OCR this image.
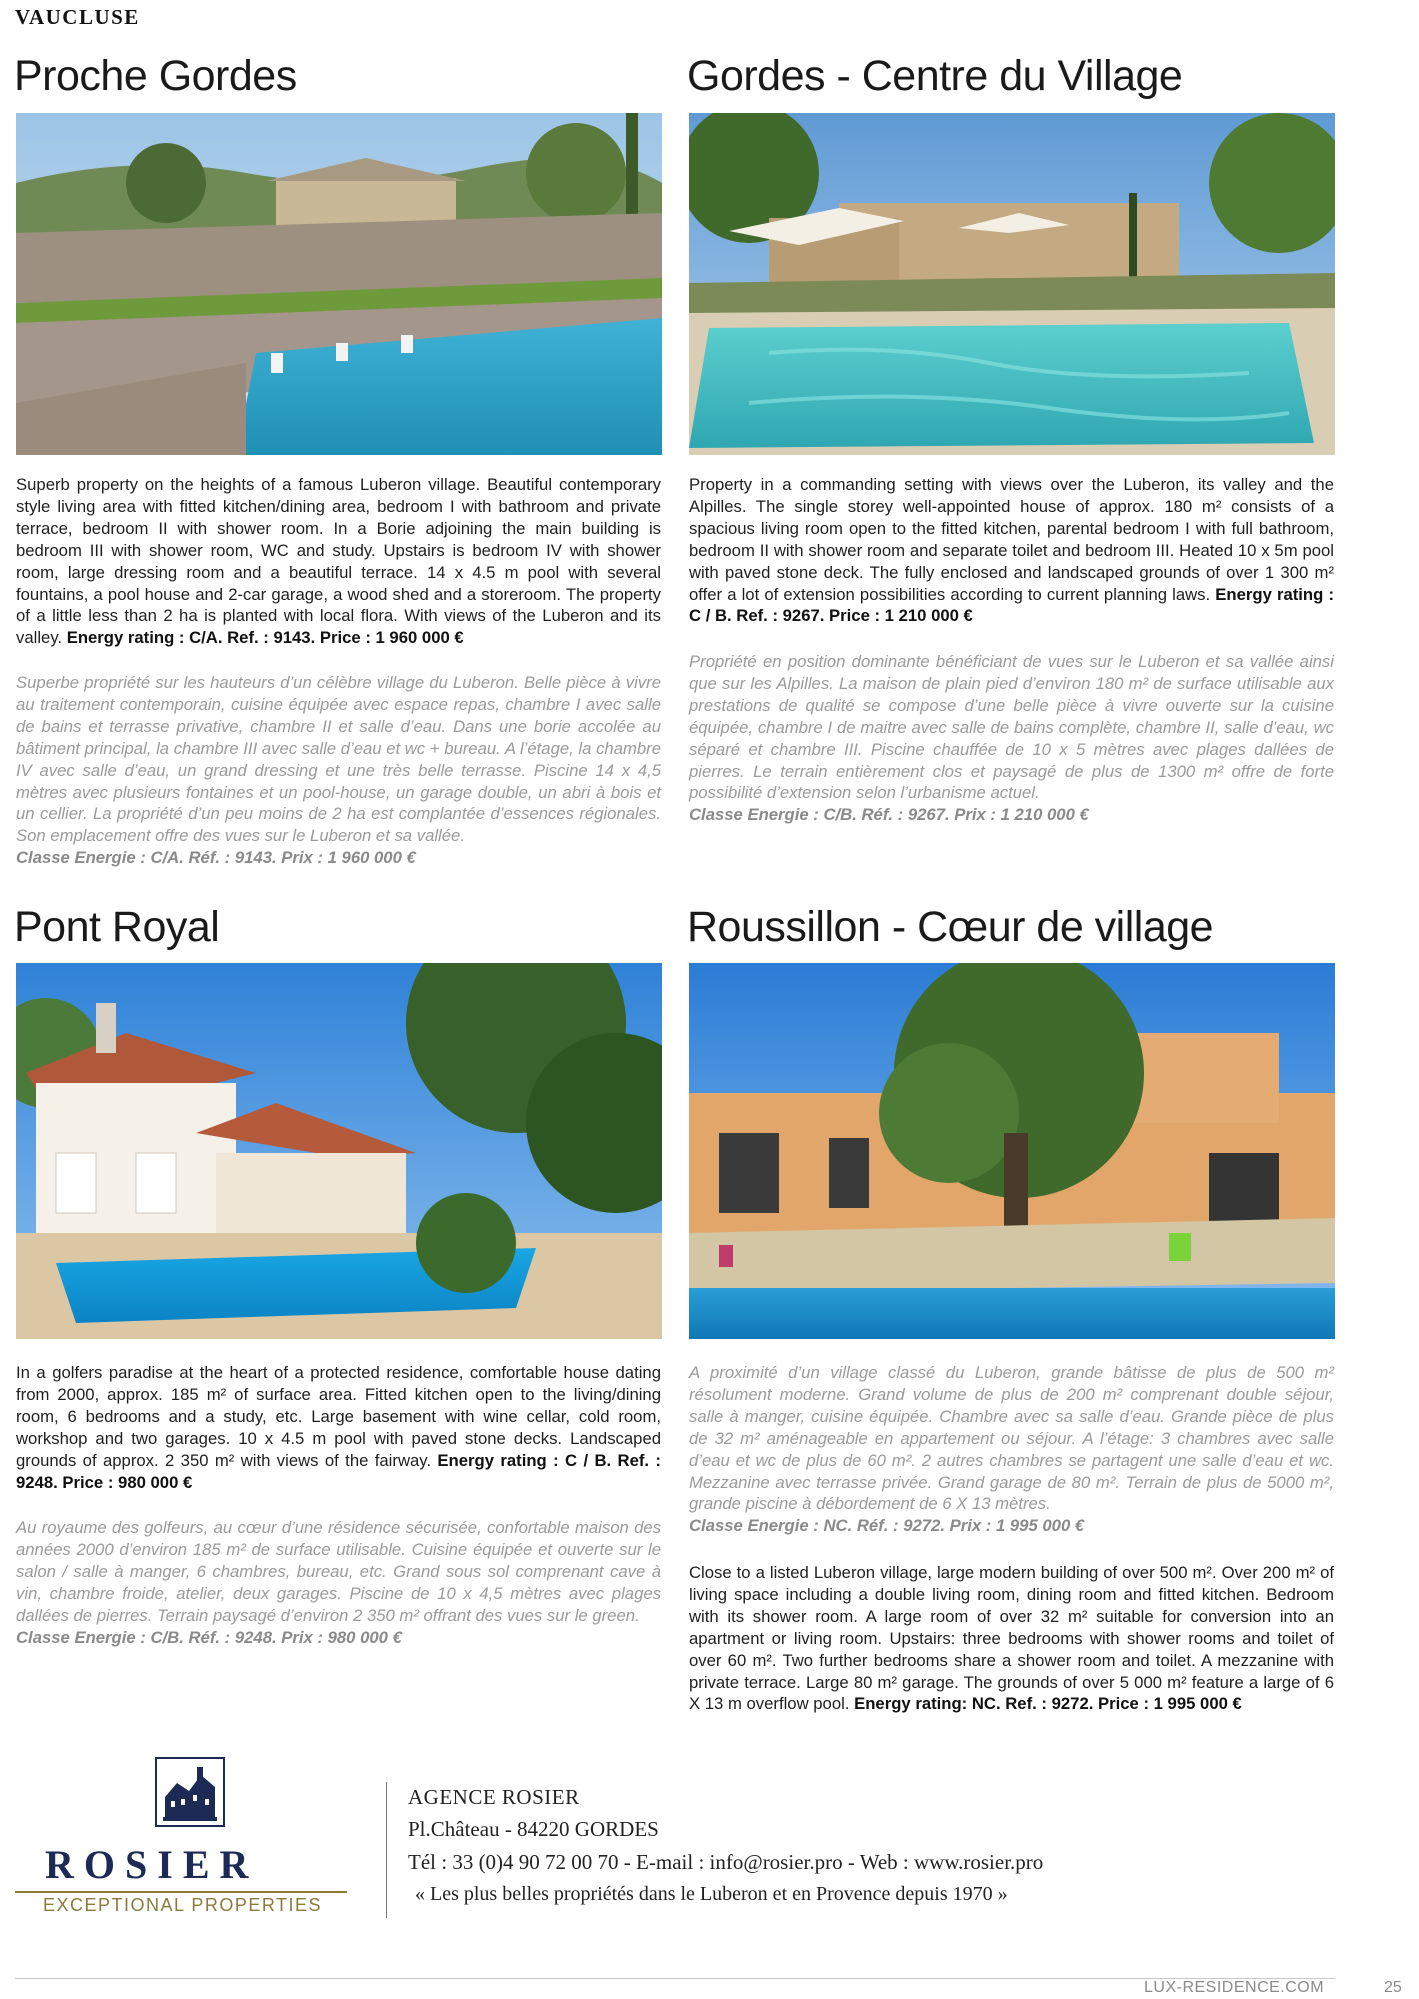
VAUCLUSE
Proche Gordes
Superb property on the heights of a famous Luberon village. Beautiful contemporary style living area with fitted kitchen/dining area, bedroom I with bathroom and private terrace, bedroom II with shower room. In a Borie adjoining the main building is bedroom III with shower room, WC and study. Upstairs is bedroom IV with shower room, large dressing room and a beautiful terrace. 14 x 4.5 m pool with several fountains, a pool house and 2-car garage, a wood shed and a storeroom. The property of a little less than 2 ha is planted with local flora. With views of the Luberon and its valley. Energy rating : C/A. Ref. : 9143. Price : 1 960 000 €
Superbe propriété sur les hauteurs d’un célèbre village du Luberon. Belle pièce à vivre au traitement contemporain, cuisine équipée avec espace repas, chambre I avec salle de bains et terrasse privative, chambre II et salle d’eau. Dans une borie accolée au bâtiment principal, la chambre III avec salle d’eau et wc + bureau. A l’étage, la chambre IV avec salle d’eau, un grand dressing et une très belle terrasse. Piscine 14 x 4,5 mètres avec plusieurs fontaines et un pool-house, un garage double, un abri à bois et un cellier. La propriété d’un peu moins de 2 ha est complantée d’essences régionales. Son emplacement offre des vues sur le Luberon et sa vallée.
Classe Energie : C/A. Réf. : 9143. Prix : 1 960 000 €
Gordes - Centre du Village
Property in a commanding setting with views over the Luberon, its valley and the Alpilles. The single storey well-appointed house of approx. 180 m² consists of a spacious living room open to the fitted kitchen, parental bedroom I with full bathroom, bedroom II with shower room and separate toilet and bedroom III. Heated 10 x 5m pool with paved stone deck. The fully enclosed and landscaped grounds of over 1 300 m² offer a lot of extension possibilities according to current planning laws. Energy rating : C / B. Ref. : 9267. Price : 1 210 000 €
Propriété en position dominante bénéficiant de vues sur le Luberon et sa vallée ainsi que sur les Alpilles. La maison de plain pied d’environ 180 m² de surface utilisable aux prestations de qualité se compose d’une belle pièce à vivre ouverte sur la cuisine équipée, chambre I de maitre avec salle de bains complète, chambre II, salle d’eau, wc séparé et chambre III. Piscine chauffée de 10 x 5 mètres avec plages dallées de pierres. Le terrain entièrement clos et paysagé de plus de 1300 m² offre de forte possibilité d’extension selon l’urbanisme actuel.
Classe Energie : C/B. Réf. : 9267. Prix : 1 210 000 €
Pont Royal
In a golfers paradise at the heart of a protected residence, comfortable house dating from 2000, approx. 185 m² of surface area. Fitted kitchen open to the living/dining room, 6 bedrooms and a study, etc. Large basement with wine cellar, cold room, workshop and two garages. 10 x 4.5 m pool with paved stone decks. Landscaped grounds of approx. 2 350 m² with views of the fairway. Energy rating : C / B. Ref. : 9248. Price : 980 000 €
Au royaume des golfeurs, au cœur d’une résidence sécurisée, confortable maison des années 2000 d’environ 185 m² de surface utilisable. Cuisine équipée et ouverte sur le salon / salle à manger, 6 chambres, bureau, etc. Grand sous sol comprenant cave à vin, chambre froide, atelier, deux garages. Piscine de 10 x 4,5 mètres avec plages dallées de pierres. Terrain paysagé d’environ 2 350 m² offrant des vues sur le green.
Classe Energie : C/B. Réf. : 9248. Prix : 980 000 €
Roussillon - Cœur de village
A proximité d’un village classé du Luberon, grande bâtisse de plus de 500 m² résolument moderne. Grand volume de plus de 200 m² comprenant double séjour, salle à manger, cuisine équipée. Chambre avec sa salle d’eau. Grande pièce de plus de 32 m² aménageable en appartement ou séjour. A l’étage: 3 chambres avec salle d’eau et wc de plus de 60 m². 2 autres chambres se partagent une salle d’eau et wc. Mezzanine avec terrasse privée. Grand garage de 80 m². Terrain de plus de 5000 m², grande piscine à débordement de 6 X 13 mètres.
Classe Energie : NC. Réf. : 9272. Prix : 1 995 000 €
Close to a listed Luberon village, large modern building of over 500 m². Over 200 m² of living space including a double living room, dining room and fitted kitchen. Bedroom with its shower room. A large room of over 32 m² suitable for conversion into an apartment or living room. Upstairs: three bedrooms with shower rooms and toilet of over 60 m². Two further bedrooms share a shower room and toilet. A mezzanine with private terrace. Large 80 m² garage. The grounds of over 5 000 m² feature a large of 6 X 13 m overflow pool. Energy rating: NC. Ref. : 9272. Price : 1 995 000 €
ROSIER
EXCEPTIONAL PROPERTIES
AGENCE ROSIER
Pl.Château - 84220 GORDES
Tél : 33 (0)4 90 72 00 70 - E-mail : info@rosier.pro - Web : www.rosier.pro
« Les plus belles propriétés dans le Luberon et en Provence depuis 1970 »
LUX-RESIDENCE.COM	25
